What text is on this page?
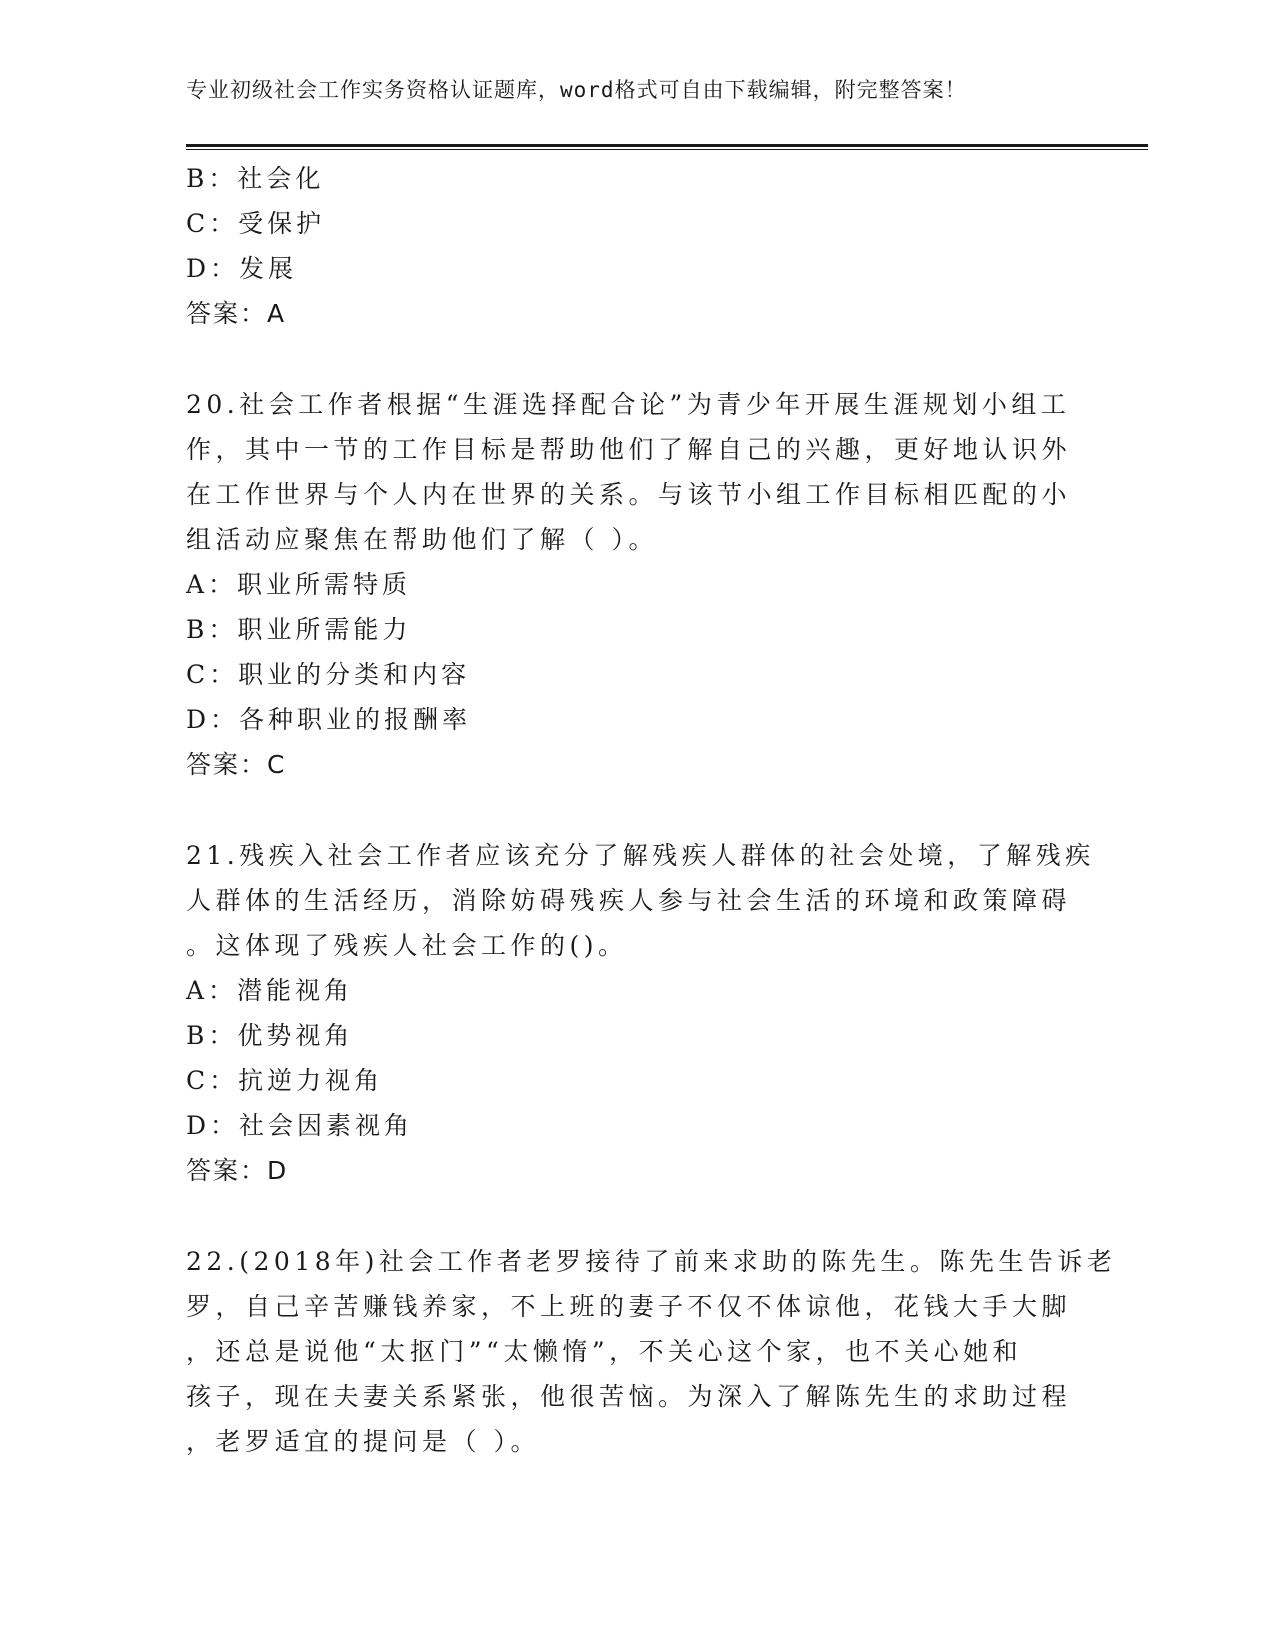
专业初级社会工作实务资格认证题库，word格式可自由下载编辑，附完整答案！
B：社会化
C：受保护
D：发展
答案：A
20.社会工作者根据“生涯选择配合论”为青少年开展生涯规划小组工
作，其中一节的工作目标是帮助他们了解自己的兴趣，更好地认识外
在工作世界与个人内在世界的关系。与该节小组工作目标相匹配的小
组活动应聚焦在帮助他们了解（ ）。
A：职业所需特质
B：职业所需能力
C：职业的分类和内容
D：各种职业的报酬率
答案：C
21.残疾入社会工作者应该充分了解残疾人群体的社会处境，了解残疾
人群体的生活经历，消除妨碍残疾人参与社会生活的环境和政策障碍
。这体现了残疾人社会工作的()。
A：潜能视角
B：优势视角
C：抗逆力视角
D：社会因素视角
答案：D
22.(2018年)社会工作者老罗接待了前来求助的陈先生。陈先生告诉老
罗，自己辛苦赚钱养家，不上班的妻子不仅不体谅他，花钱大手大脚
，还总是说他“太抠门”“太懒惰”，不关心这个家，也不关心她和
孩子，现在夫妻关系紧张，他很苦恼。为深入了解陈先生的求助过程
，老罗适宜的提问是（ ）。
